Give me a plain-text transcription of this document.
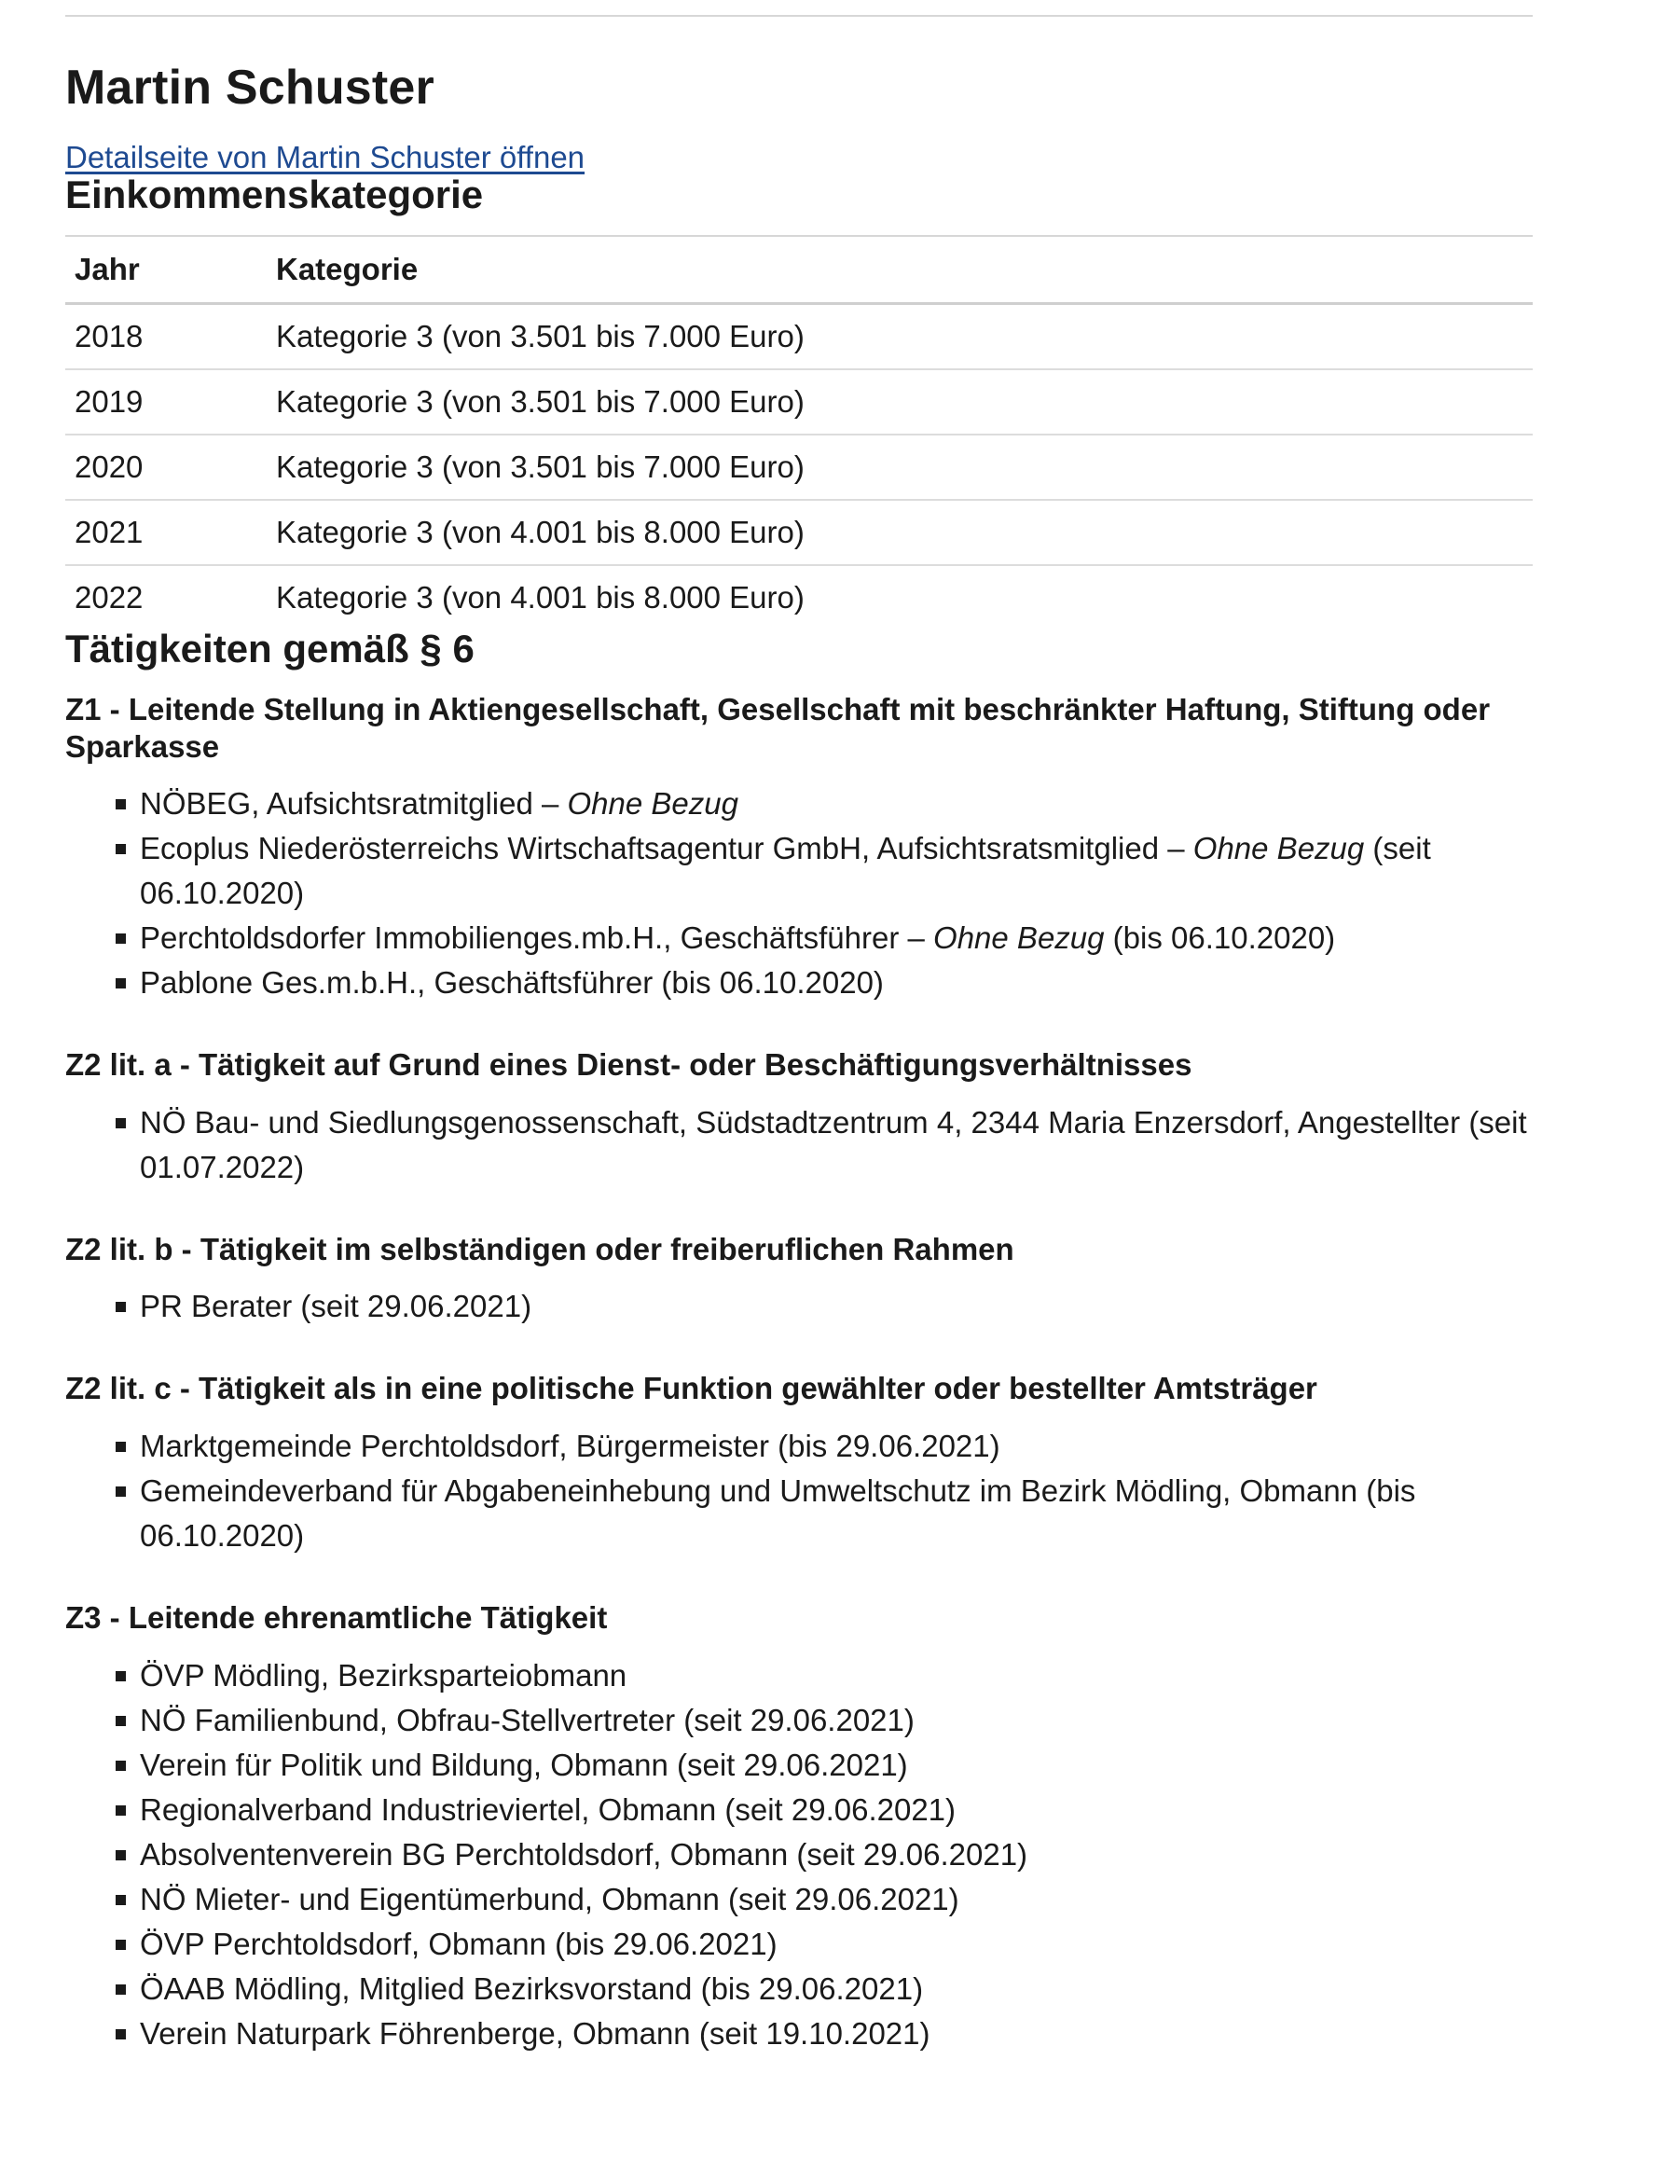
Martin Schuster
Detailseite von Martin Schuster öffnen
Einkommenskategorie
Jahr	Kategorie
2018	Kategorie 3 (von 3.501 bis 7.000 Euro)
2019	Kategorie 3 (von 3.501 bis 7.000 Euro)
2020	Kategorie 3 (von 3.501 bis 7.000 Euro)
2021	Kategorie 3 (von 4.001 bis 8.000 Euro)
2022	Kategorie 3 (von 4.001 bis 8.000 Euro)
Tätigkeiten gemäß § 6
Z1 - Leitende Stellung in Aktiengesellschaft, Gesellschaft mit beschränkter Haftung, Stiftung oder Sparkasse
NÖBEG, Aufsichtsratmitglied – Ohne Bezug
Ecoplus Niederösterreichs Wirtschaftsagentur GmbH, Aufsichtsratsmitglied – Ohne Bezug (seit 06.10.2020)
Perchtoldsdorfer Immobilienges.mb.H., Geschäftsführer – Ohne Bezug (bis 06.10.2020)
Pablone Ges.m.b.H., Geschäftsführer (bis 06.10.2020)
Z2 lit. a - Tätigkeit auf Grund eines Dienst- oder Beschäftigungsverhältnisses
NÖ Bau- und Siedlungsgenossenschaft, Südstadtzentrum 4, 2344 Maria Enzersdorf, Angestellter (seit 01.07.2022)
Z2 lit. b - Tätigkeit im selbständigen oder freiberuflichen Rahmen
PR Berater (seit 29.06.2021)
Z2 lit. c - Tätigkeit als in eine politische Funktion gewählter oder bestellter Amtsträger
Marktgemeinde Perchtoldsdorf, Bürgermeister (bis 29.06.2021)
Gemeindeverband für Abgabeneinhebung und Umweltschutz im Bezirk Mödling, Obmann (bis 06.10.2020)
Z3 - Leitende ehrenamtliche Tätigkeit
ÖVP Mödling, Bezirksparteiobmann
NÖ Familienbund, Obfrau-Stellvertreter (seit 29.06.2021)
Verein für Politik und Bildung, Obmann (seit 29.06.2021)
Regionalverband Industrieviertel, Obmann (seit 29.06.2021)
Absolventenverein BG Perchtoldsdorf, Obmann (seit 29.06.2021)
NÖ Mieter- und Eigentümerbund, Obmann (seit 29.06.2021)
ÖVP Perchtoldsdorf, Obmann (bis 29.06.2021)
ÖAAB Mödling, Mitglied Bezirksvorstand (bis 29.06.2021)
Verein Naturpark Föhrenberge, Obmann (seit 19.10.2021)
